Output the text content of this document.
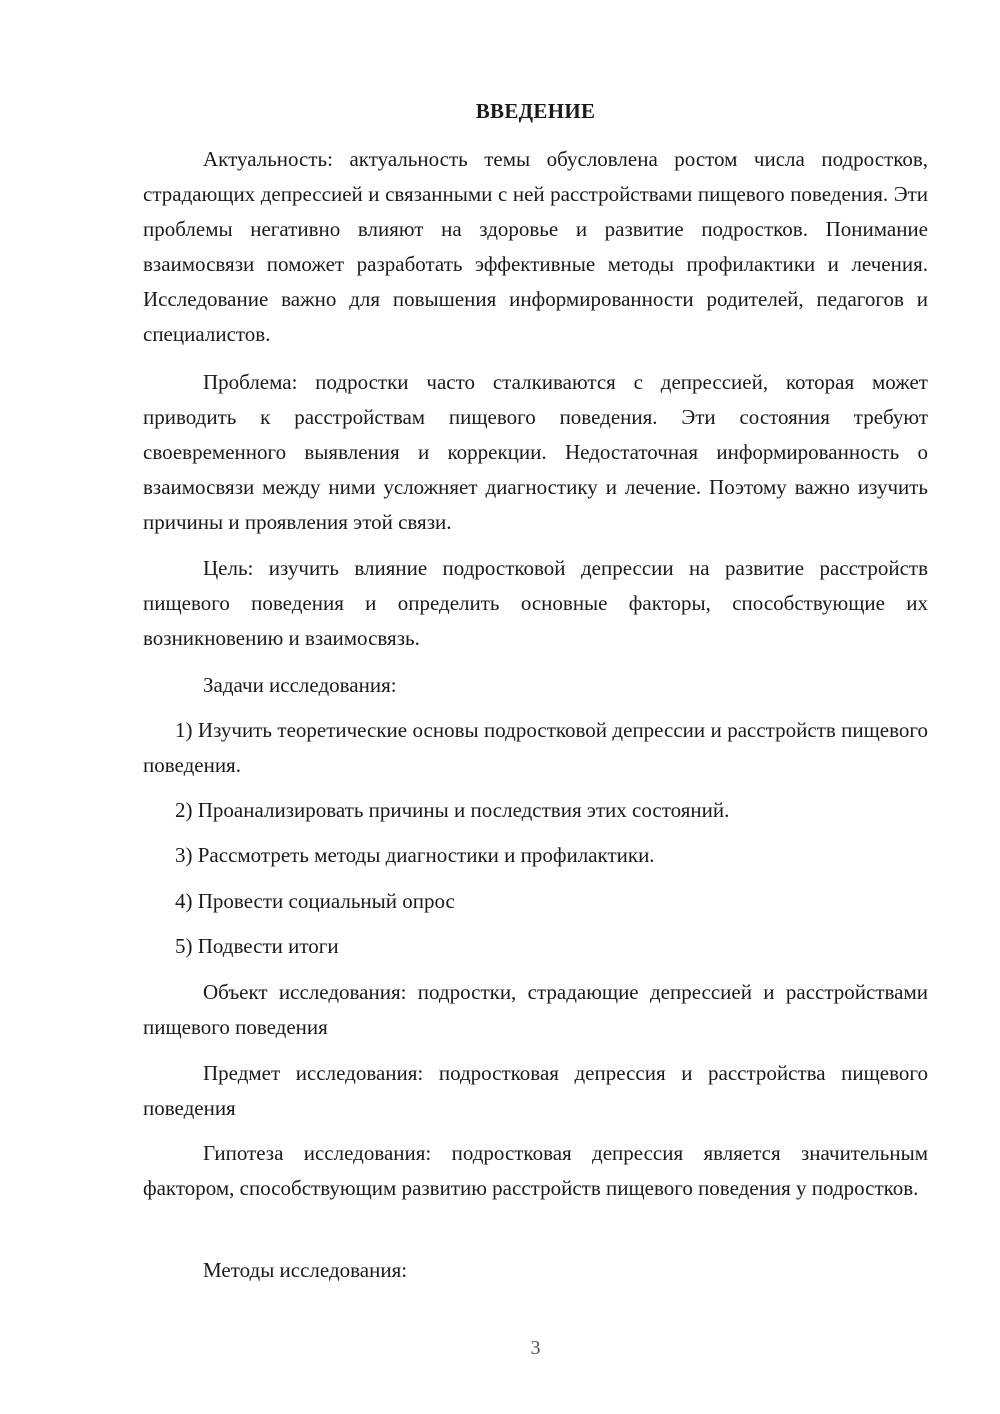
ВВЕДЕНИЕ

Актуальность: актуальность темы обусловлена ростом числа подростков, страдающих депрессией и связанными с ней расстройствами пищевого поведения. Эти проблемы негативно влияют на здоровье и развитие подростков. Понимание взаимосвязи поможет разработать эффективные методы профилактики и лечения. Исследование важно для повышения информированности родителей, педагогов и специалистов.

Проблема: подростки часто сталкиваются с депрессией, которая может приводить к расстройствам пищевого поведения. Эти состояния требуют своевременного выявления и коррекции. Недостаточная информированность о взаимосвязи между ними усложняет диагностику и лечение. Поэтому важно изучить причины и проявления этой связи.

Цель: изучить влияние подростковой депрессии на развитие расстройств пищевого поведения и определить основные факторы, способствующие их возникновению и взаимосвязь.

Задачи исследования:

1) Изучить теоретические основы подростковой депрессии и расстройств пищевого поведения.

2) Проанализировать причины и последствия этих состояний.

3) Рассмотреть методы диагностики и профилактики.

4) Провести социальный опрос

5) Подвести итоги

Объект исследования: подростки, страдающие депрессией и расстройствами пищевого поведения

Предмет исследования: подростковая депрессия и расстройства пищевого поведения

Гипотеза исследования: подростковая депрессия является значительным фактором, способствующим развитию расстройств пищевого поведения у подростков.

Методы исследования:

3
